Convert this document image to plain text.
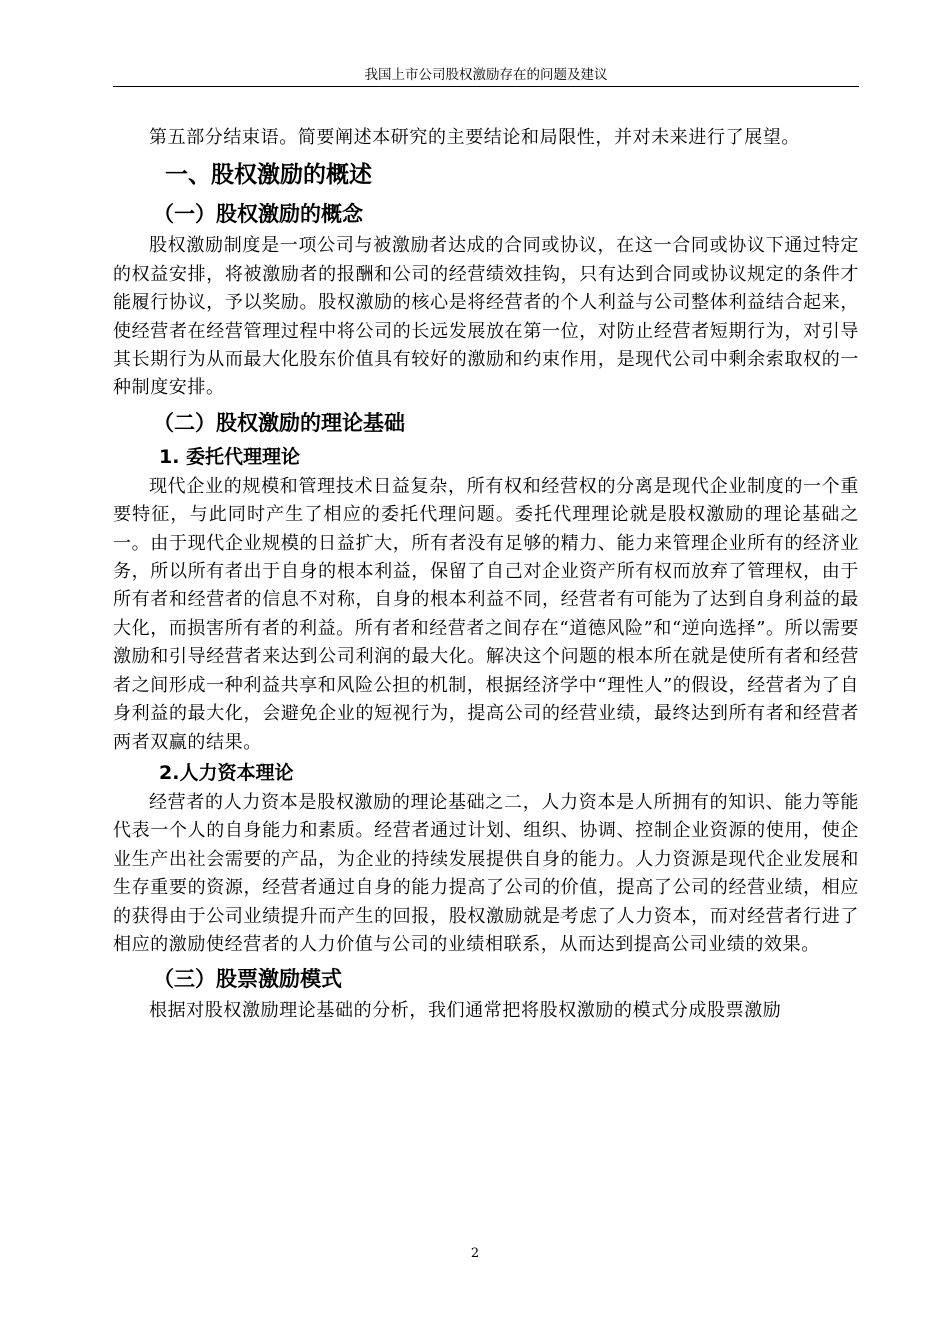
我国上市公司股权激励存在的问题及建议

第五部分结束语。简要阐述本研究的主要结论和局限性，并对未来进行了展望。

一、股权激励的概述
（一）股权激励的概念

股权激励制度是一项公司与被激励者达成的合同或协议，在这一合同或协议下通过特定的权益安排，将被激励者的报酬和公司的经营绩效挂钩，只有达到合同或协议规定的条件才能履行协议，予以奖励。股权激励的核心是将经营者的个人利益与公司整体利益结合起来，使经营者在经营管理过程中将公司的长远发展放在第一位，对防止经营者短期行为，对引导其长期行为从而最大化股东价值具有较好的激励和约束作用，是现代公司中剩余索取权的一种制度安排。

（二）股权激励的理论基础
1. 委托代理理论

现代企业的规模和管理技术日益复杂，所有权和经营权的分离是现代企业制度的一个重要特征，与此同时产生了相应的委托代理问题。委托代理理论就是股权激励的理论基础之一。由于现代企业规模的日益扩大，所有者没有足够的精力、能力来管理企业所有的经济业务，所以所有者出于自身的根本利益，保留了自己对企业资产所有权而放弃了管理权，由于所有者和经营者的信息不对称，自身的根本利益不同，经营者有可能为了达到自身利益的最大化，而损害所有者的利益。所有者和经营者之间存在“道德风险”和“逆向选择”。所以需要激励和引导经营者来达到公司利润的最大化。解决这个问题的根本所在就是使所有者和经营者之间形成一种利益共享和风险公担的机制，根据经济学中“理性人”的假设，经营者为了自身利益的最大化，会避免企业的短视行为，提高公司的经营业绩，最终达到所有者和经营者两者双赢的结果。

2.人力资本理论

经营者的人力资本是股权激励的理论基础之二，人力资本是人所拥有的知识、能力等能代表一个人的自身能力和素质。经营者通过计划、组织、协调、控制企业资源的使用，使企业生产出社会需要的产品，为企业的持续发展提供自身的能力。人力资源是现代企业发展和生存重要的资源，经营者通过自身的能力提高了公司的价值，提高了公司的经营业绩，相应的获得由于公司业绩提升而产生的回报，股权激励就是考虑了人力资本，而对经营者行进了相应的激励使经营者的人力价值与公司的业绩相联系，从而达到提高公司业绩的效果。

（三）股票激励模式

根据对股权激励理论基础的分析，我们通常把将股权激励的模式分成股票激励

2
